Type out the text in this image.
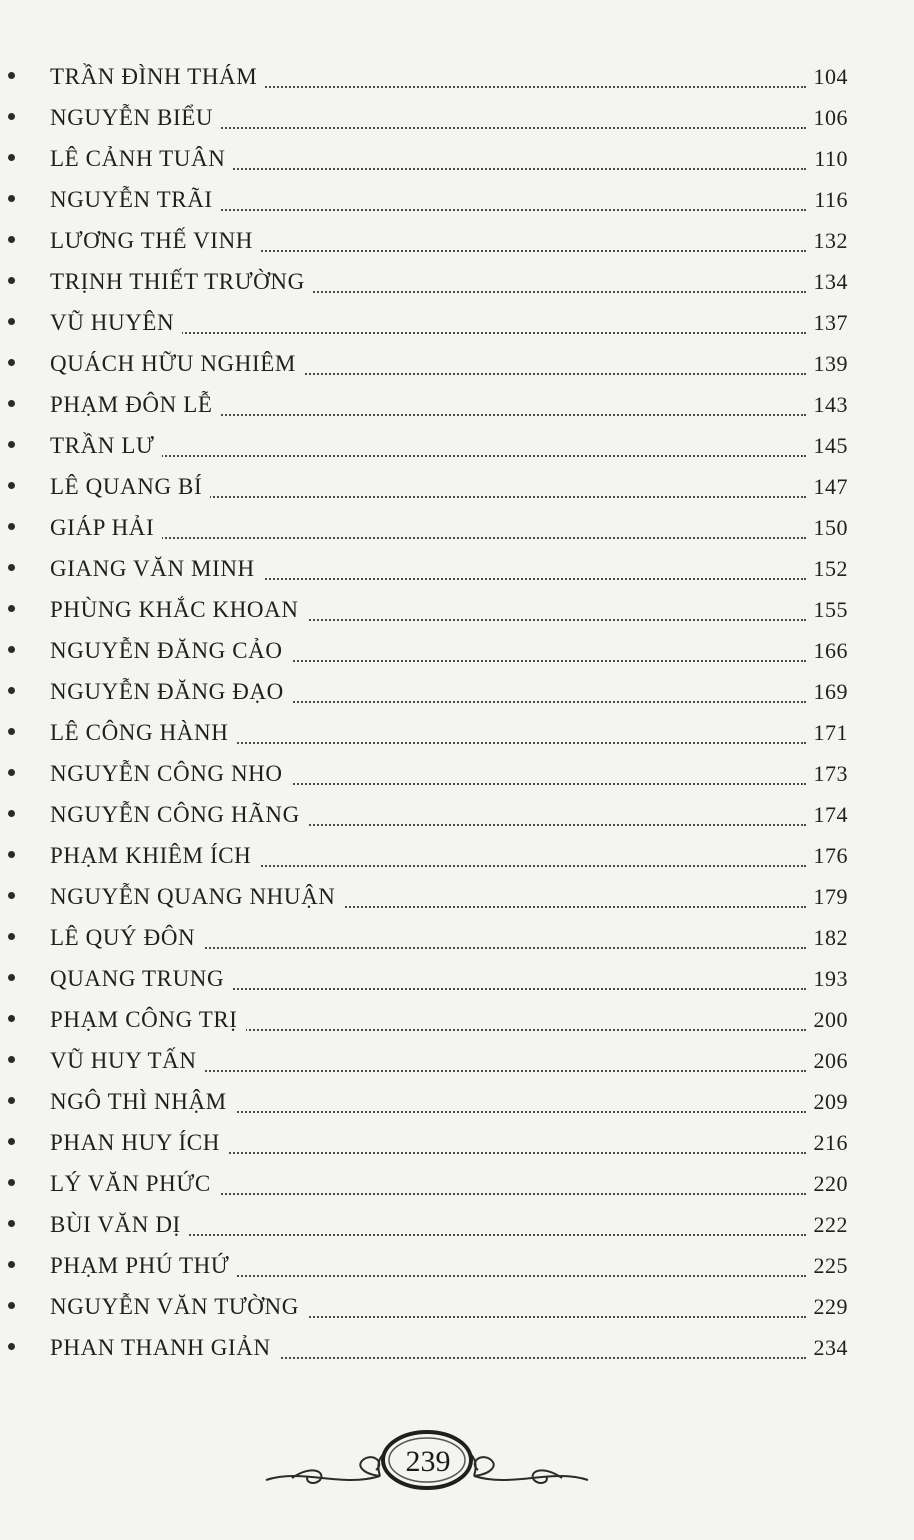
TRẦN ĐÌNH THÁM	104
NGUYỄN BIỂU	106
LÊ CẢNH TUÂN	110
NGUYỄN TRÃI	116
LƯƠNG THẾ VINH	132
TRỊNH THIẾT TRƯỜNG	134
VŨ HUYÊN	137
QUÁCH HỮU NGHIÊM	139
PHẠM ĐÔN LỄ	143
TRẦN LƯ	145
LÊ QUANG BÍ	147
GIÁP HẢI	150
GIANG VĂN MINH	152
PHÙNG KHẮC KHOAN	155
NGUYỄN ĐĂNG CẢO	166
NGUYỄN ĐĂNG ĐẠO	169
LÊ CÔNG HÀNH	171
NGUYỄN CÔNG NHO	173
NGUYỄN CÔNG HÃNG	174
PHẠM KHIÊM ÍCH	176
NGUYỄN QUANG NHUẬN	179
LÊ QUÝ ĐÔN	182
QUANG TRUNG	193
PHẠM CÔNG TRỊ	200
VŨ HUY TẤN	206
NGÔ THÌ NHẬM	209
PHAN HUY ÍCH	216
LÝ VĂN PHỨC	220
BÙI VĂN DỊ	222
PHẠM PHÚ THỨ	225
NGUYỄN VĂN TƯỜNG	229
PHAN THANH GIẢN	234
239
